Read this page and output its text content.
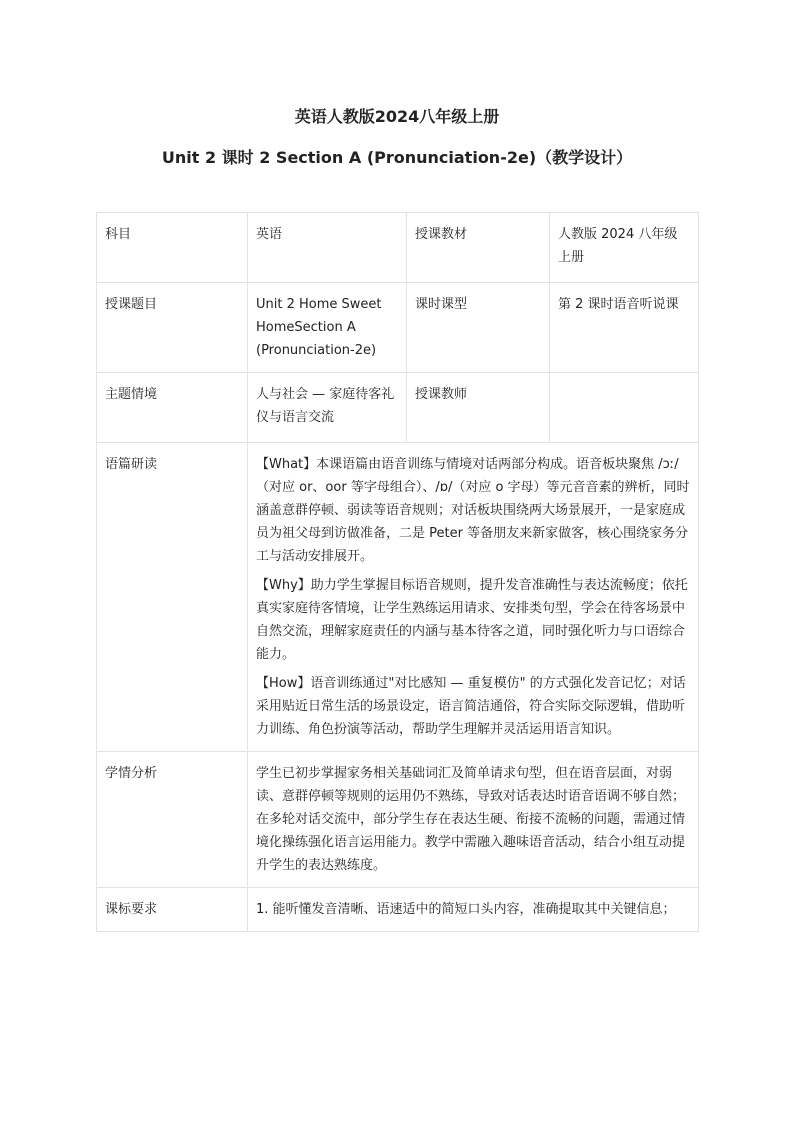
英语人教版2024八年级上册
Unit 2 课时 2 Section A (Pronunciation-2e)（教学设计）
科目	英语	授课教材	人教版 2024 八年级上册
授课题目	Unit 2 Home Sweet HomeSection A (Pronunciation-2e)	课时课型	第 2 课时语音听说课
主题情境	人与社会 — 家庭待客礼仪与语言交流	授课教师	
语篇研读	【What】本课语篇由语音训练与情境对话两部分构成。语音板块聚焦 /ɔː/（对应 or、oor 等字母组合）、/ɒ/（对应 o 字母）等元音音素的辨析，同时涵盖意群停顿、弱读等语音规则；对话板块围绕两大场景展开，一是家庭成员为祖父母到访做准备，二是 Peter 等备朋友来新家做客，核心围绕家务分工与活动安排展开。

【Why】助力学生掌握目标语音规则，提升发音准确性与表达流畅度；依托真实家庭待客情境，让学生熟练运用请求、安排类句型，学会在待客场景中自然交流，理解家庭责任的内涵与基本待客之道，同时强化听力与口语综合能力。

【How】语音训练通过"对比感知 — 重复模仿" 的方式强化发音记忆；对话采用贴近日常生活的场景设定，语言简洁通俗，符合实际交际逻辑，借助听力训练、角色扮演等活动，帮助学生理解并灵活运用语言知识。		

学情分析	学生已初步掌握家务相关基础词汇及简单请求句型，但在语音层面，对弱读、意群停顿等规则的运用仍不熟练，导致对话表达时语音语调不够自然；在多轮对话交流中，部分学生存在表达生硬、衔接不流畅的问题，需通过情境化操练强化语言运用能力。教学中需融入趣味语音活动，结合小组互动提升学生的表达熟练度。		
课标要求	1. 能听懂发音清晰、语速适中的简短口头内容，准确提取其中关键信息；		
